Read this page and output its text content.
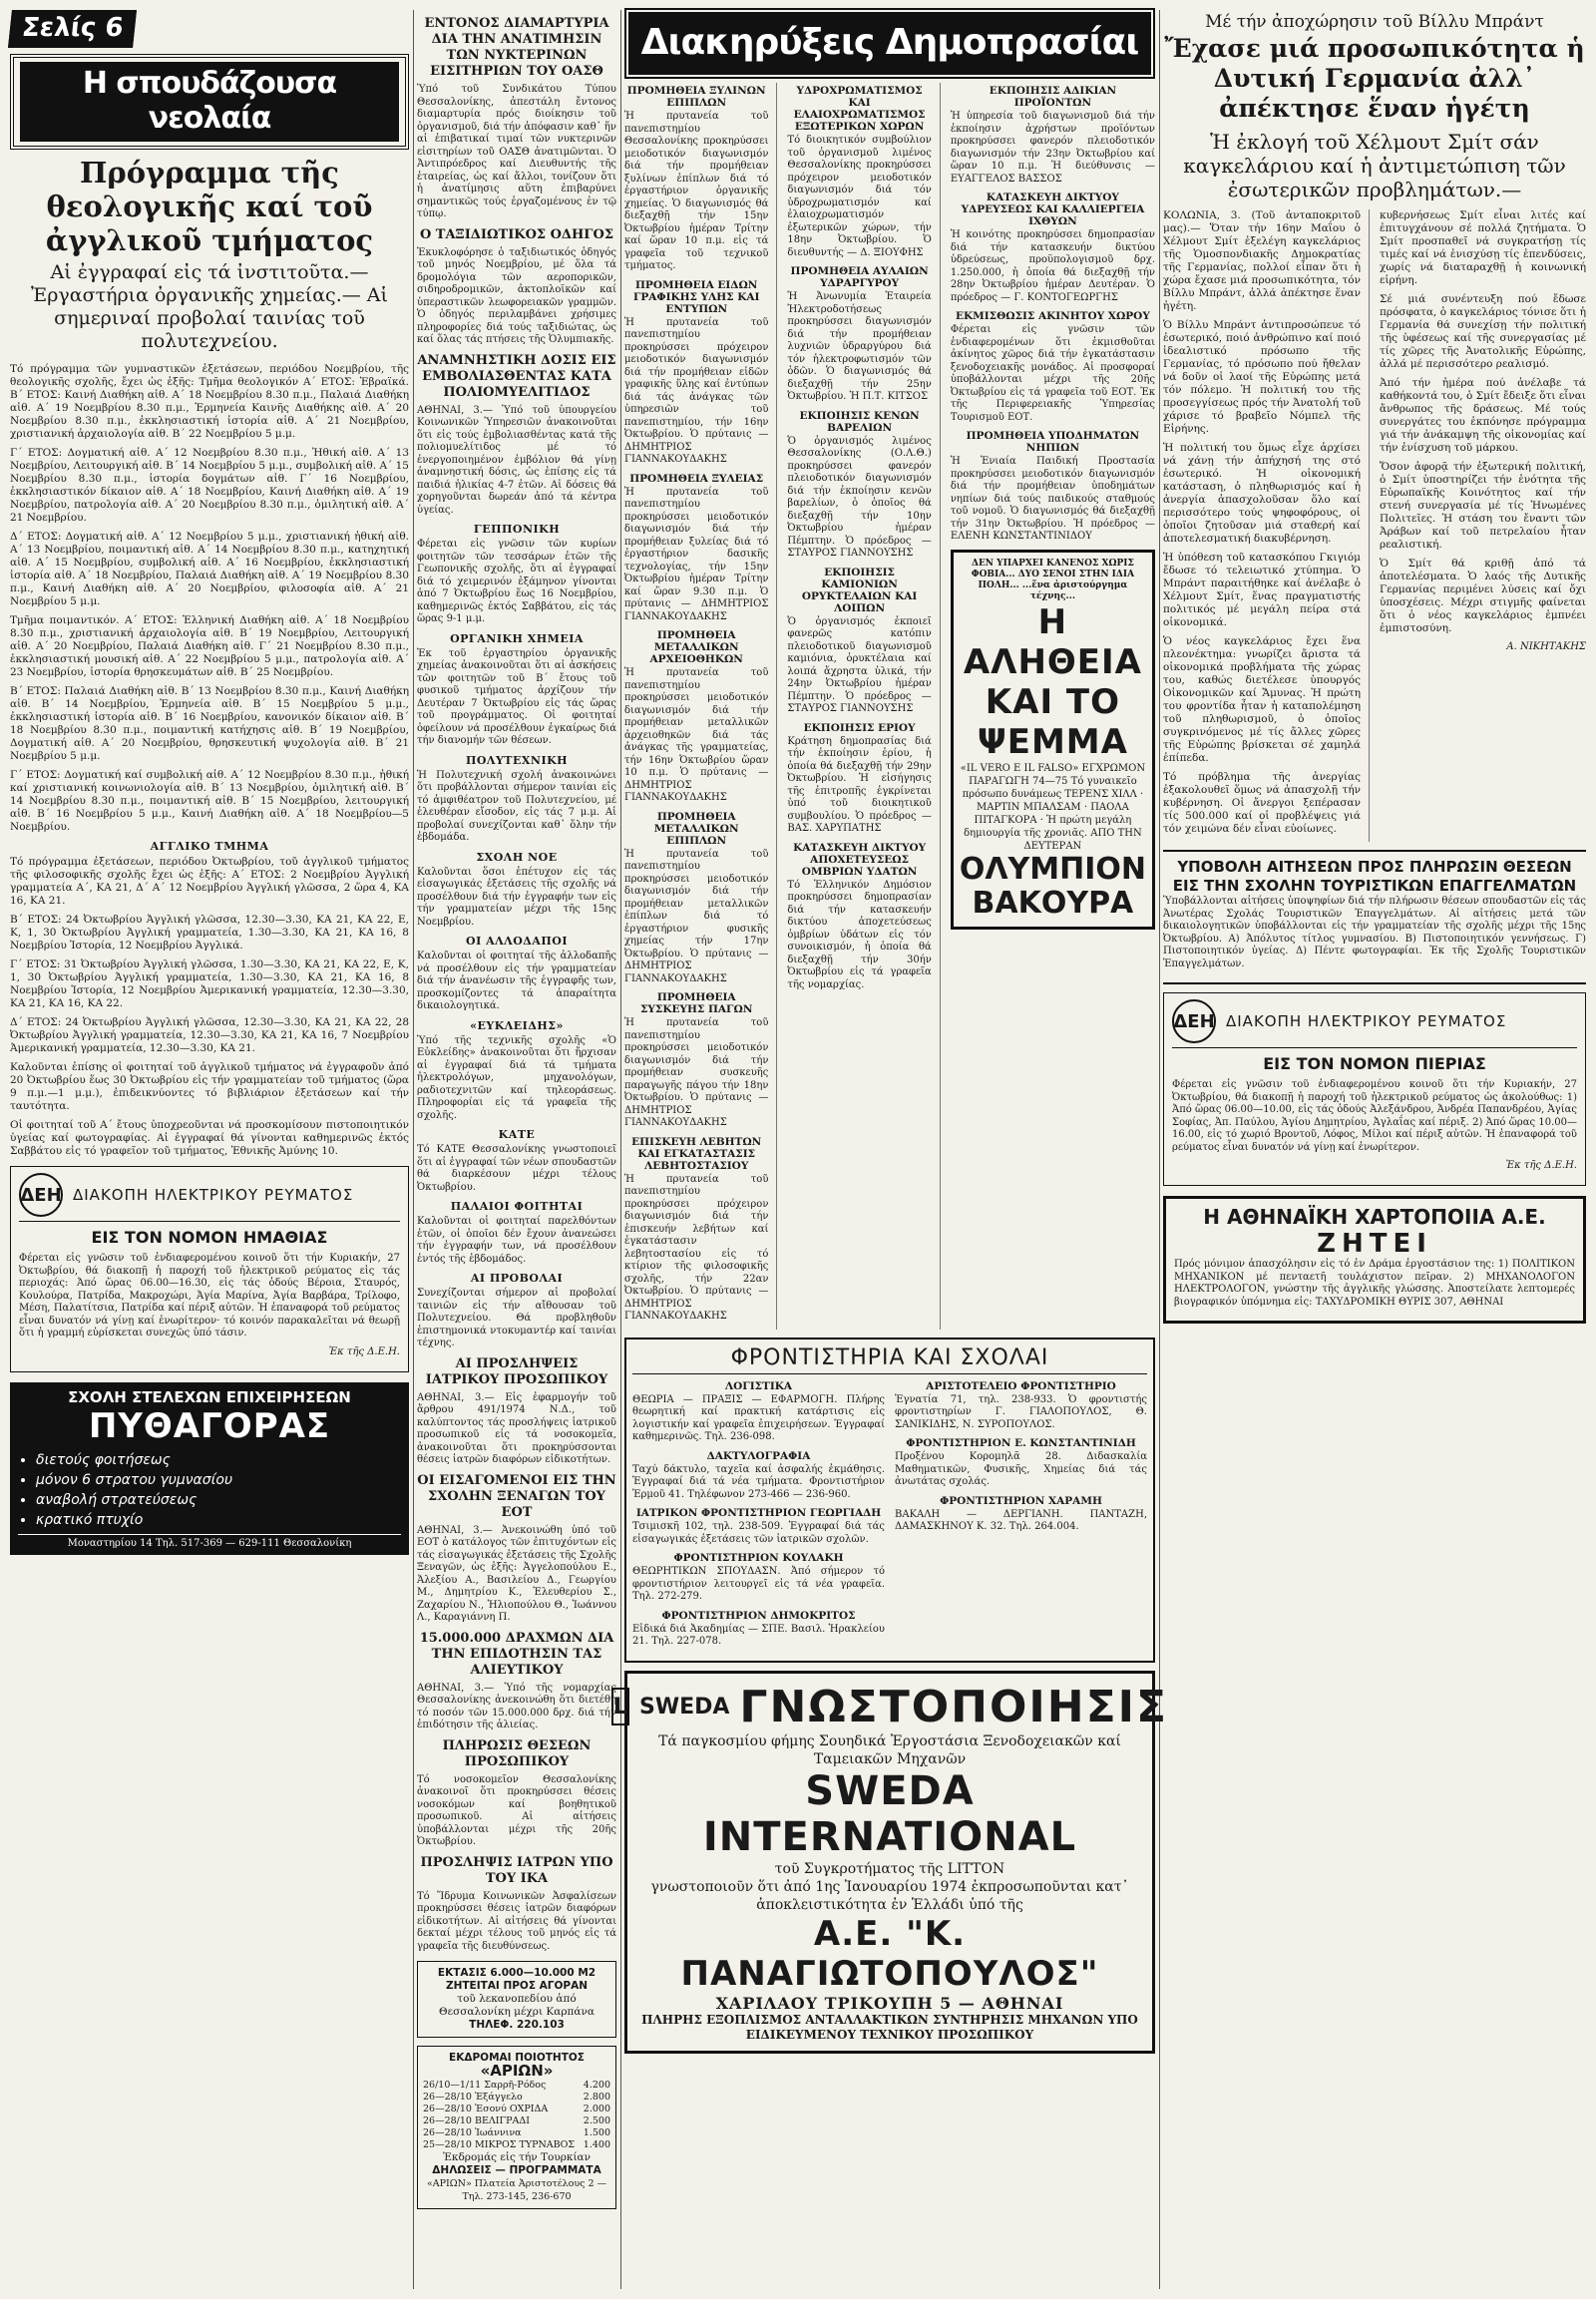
Σελίς 6
Η σπουδάζουσα νεολαία
Πρόγραμμα τῆς θεολογικῆς καί τοῦ ἀγγλικοῦ τμήματος
Αἱ ἐγγραφαί εἰς τά ἰνστιτοῦτα.— Ἐργαστήρια ὀργανικῆς χημείας.— Αἱ σημεριναί προβολαί ταινίας τοῦ πολυτεχνείου.

Τό πρόγραμμα τῶν γυμναστικῶν ἐξετάσεων, περιόδου Νοεμβρίου, τῆς θεολογικῆς σχολῆς, ἔχει ὡς ἑξῆς: Τμῆμα θεολογικόν Α΄ ΕΤΟΣ: Ἑβραϊκά. Β΄ ΕΤΟΣ: Καινή Διαθήκη αἱθ. Α΄ 18 Νοεμβρίου 8.30 π.μ., Παλαιά Διαθήκη αἱθ. Α΄ 19 Νοεμβρίου 8.30 π.μ., Ἑρμηνεία Καινῆς Διαθήκης αἱθ. Α΄ 20 Νοεμβρίου 8.30 π.μ., ἐκκλησιαστική ἱστορία αἱθ. Α΄ 21 Νοεμβρίου, χριστιανική ἀρχαιολογία αἱθ. Β΄ 22 Νοεμβρίου 5 μ.μ.

Γ΄ ΕΤΟΣ: Δογματική αἱθ. Α΄ 12 Νοεμβρίου 8.30 π.μ., Ἠθική αἱθ. Α΄ 13 Νοεμβρίου, Λειτουργική αἱθ. Β΄ 14 Νοεμβρίου 5 μ.μ., συμβολική αἱθ. Α΄ 15 Νοεμβρίου 8.30 π.μ., ἱστορία δογμάτων αἱθ. Γ΄ 16 Νοεμβρίου, ἐκκλησιαστικόν δίκαιον αἱθ. Α΄ 18 Νοεμβρίου, Καινή Διαθήκη αἱθ. Α΄ 19 Νοεμβρίου, πατρολογία αἱθ. Α΄ 20 Νοεμβρίου 8.30 π.μ., ὁμιλητική αἱθ. Α΄ 21 Νοεμβρίου.

Δ΄ ΕΤΟΣ: Δογματική αἱθ. Α΄ 12 Νοεμβρίου 5 μ.μ., χριστιανική ἠθική αἱθ. Α΄ 13 Νοεμβρίου, ποιμαντική αἱθ. Α΄ 14 Νοεμβρίου 8.30 π.μ., κατηχητική αἱθ. Α΄ 15 Νοεμβρίου, συμβολική αἱθ. Α΄ 16 Νοεμβρίου, ἐκκλησιαστική ἱστορία αἱθ. Α΄ 18 Νοεμβρίου, Παλαιά Διαθήκη αἱθ. Α΄ 19 Νοεμβρίου 8.30 π.μ., Καινή Διαθήκη αἱθ. Α΄ 20 Νοεμβρίου, φιλοσοφία αἱθ. Α΄ 21 Νοεμβρίου 5 μ.μ.

Τμῆμα ποιμαντικόν. Α΄ ΕΤΟΣ: Ἑλληνική Διαθήκη αἱθ. Α΄ 18 Νοεμβρίου 8.30 π.μ., χριστιανική ἀρχαιολογία αἱθ. Β΄ 19 Νοεμβρίου, Λειτουργική αἱθ. Α΄ 20 Νοεμβρίου, Παλαιά Διαθήκη αἱθ. Γ΄ 21 Νοεμβρίου 8.30 π.μ., ἐκκλησιαστική μουσική αἱθ. Α΄ 22 Νοεμβρίου 5 μ.μ., πατρολογία αἱθ. Α΄ 23 Νοεμβρίου, ἱστορία θρησκευμάτων αἱθ. Β΄ 25 Νοεμβρίου.

Β΄ ΕΤΟΣ: Παλαιά Διαθήκη αἱθ. Β΄ 13 Νοεμβρίου 8.30 π.μ., Καινή Διαθήκη αἱθ. Β΄ 14 Νοεμβρίου, Ἑρμηνεία αἱθ. Β΄ 15 Νοεμβρίου 5 μ.μ., ἐκκλησιαστική ἱστορία αἱθ. Β΄ 16 Νοεμβρίου, κανονικόν δίκαιον αἱθ. Β΄ 18 Νοεμβρίου 8.30 π.μ., ποιμαντική κατήχησις αἱθ. Β΄ 19 Νοεμβρίου, Δογματική αἱθ. Α΄ 20 Νοεμβρίου, θρησκευτική ψυχολογία αἱθ. Β΄ 21 Νοεμβρίου 5 μ.μ.

Γ΄ ΕΤΟΣ: Δογματική καί συμβολική αἱθ. Α΄ 12 Νοεμβρίου 8.30 π.μ., ἠθική καί χριστιανική κοινωνιολογία αἱθ. Β΄ 13 Νοεμβρίου, ὁμιλητική αἱθ. Β΄ 14 Νοεμβρίου 8.30 π.μ., ποιμαντική αἱθ. Β΄ 15 Νοεμβρίου, λειτουργική αἱθ. Β΄ 16 Νοεμβρίου 5 μ.μ., Καινή Διαθήκη αἱθ. Α΄ 18 Νοεμβρίου—5 Νοεμβρίου.

ΑΓΓΛΙΚΟ ΤΜΗΜΑ

Τό πρόγραμμα ἐξετάσεων, περιόδου Ὀκτωβρίου, τοῦ ἀγγλικοῦ τμήματος τῆς φιλοσοφικῆς σχολῆς ἔχει ὡς ἑξῆς: Α΄ ΕΤΟΣ: 2 Νοεμβρίου Ἀγγλική γραμματεία Α΄, ΚΑ 21, Δ΄ Α΄ 12 Νοεμβρίου Ἀγγλική γλῶσσα, 2 ὥρα 4, ΚΑ 16, ΚΑ 21.

Β΄ ΕΤΟΣ: 24 Ὀκτωβρίου Ἀγγλική γλῶσσα, 12.30—3.30, ΚΑ 21, ΚΑ 22, Ε, Κ, 1, 30 Ὀκτωβρίου Ἀγγλική γραμματεία, 1.30—3.30, ΚΑ 21, ΚΑ 16, 8 Νοεμβρίου Ἱστορία, 12 Νοεμβρίου Ἀγγλικά.

Γ΄ ΕΤΟΣ: 31 Ὀκτωβρίου Ἀγγλική γλῶσσα, 1.30—3.30, ΚΑ 21, ΚΑ 22, Ε, Κ, 1, 30 Ὀκτωβρίου Ἀγγλική γραμματεία, 1.30—3.30, ΚΑ 21, ΚΑ 16, 8 Νοεμβρίου Ἱστορία, 12 Νοεμβρίου Ἀμερικανική γραμματεία, 12.30—3.30, ΚΑ 21, ΚΑ 16, ΚΑ 22.

Δ΄ ΕΤΟΣ: 24 Ὀκτωβρίου Ἀγγλική γλῶσσα, 12.30—3.30, ΚΑ 21, ΚΑ 22, 28 Ὀκτωβρίου Ἀγγλική γραμματεία, 12.30—3.30, ΚΑ 21, ΚΑ 16, 7 Νοεμβρίου Ἀμερικανική γραμματεία, 12.30—3.30, ΚΑ 21.

Καλοῦνται ἐπίσης οἱ φοιτηταί τοῦ ἀγγλικοῦ τμήματος νά ἐγγραφοῦν ἀπό 20 Ὀκτωβρίου ἕως 30 Ὀκτωβρίου εἰς τήν γραμματείαν τοῦ τμήματος (ὥρα 9 π.μ.—1 μ.μ.), ἐπιδεικνύοντες τό βιβλιάριον ἐξετάσεων καί τήν ταυτότητα.

Οἱ φοιτηταί τοῦ Α΄ ἔτους ὑποχρεοῦνται νά προσκομίσουν πιστοποιητικόν ὑγείας καί φωτογραφίας. Αἱ ἐγγραφαί θά γίνονται καθημερινῶς ἐκτός Σαββάτου εἰς τό γραφεῖον τοῦ τμήματος, Ἐθνικῆς Ἀμύνης 10.

ΔΕΗ ΔΙΑΚΟΠΗ ΗΛΕΚΤΡΙΚΟΥ ΡΕΥΜΑΤΟΣ
ΕΙΣ ΤΟΝ ΝΟΜΟΝ ΗΜΑΘΙΑΣ

Φέρεται εἰς γνῶσιν τοῦ ἐνδιαφερομένου κοινοῦ ὅτι τήν Κυριακήν, 27 Ὀκτωβρίου, θά διακοπῇ ἡ παροχή τοῦ ἠλεκτρικοῦ ρεύματος εἰς τάς περιοχάς: Ἀπό ὥρας 06.00—16.30, εἰς τάς ὁδούς Βέροια, Σταυρός, Κουλούρα, Πατρίδα, Μακροχώρι, Ἀγία Μαρίνα, Ἀγία Βαρβάρα, Τρίλοφο, Μέση, Παλατίτσια, Πατρίδα καί πέριξ αὐτῶν. Ἡ ἐπαναφορά τοῦ ρεύματος εἶναι δυνατόν νά γίνῃ καί ἐνωρίτερον· τό κοινόν παρακαλεῖται νά θεωρῇ ὅτι ἡ γραμμή εὑρίσκεται συνεχῶς ὑπό τάσιν.

Ἐκ τῆς Δ.Ε.Η.
ΣΧΟΛΗ ΣΤΕΛΕΧΩΝ ΕΠΙΧΕΙΡΗΣΕΩΝ
ΠΥΘΑΓΟΡΑΣ
• διετούς φοιτήσεως
• μόνον 6 στρατου γυμνασίου
• αναβολή στρατεύσεως
• κρατικό πτυχίο
Μοναστηρίου 14 Τηλ. 517-369 — 629-111 Θεσσαλονίκη
ΕΝΤΟΝΟΣ ΔΙΑΜΑΡΤΥΡΙΑ ΔΙΑ ΤΗΝ ΑΝΑΤΙΜΗΣΙΝ ΤΩΝ ΝΥΚΤΕΡΙΝΩΝ ΕΙΣΙΤΗΡΙΩΝ ΤΟΥ ΟΑΣΘ

Ὑπό τοῦ Συνδικάτου Τύπου Θεσσαλονίκης, ἀπεστάλη ἔντονος διαμαρτυρία πρός διοίκησιν τοῦ ὀργανισμοῦ, διά τήν ἀπόφασιν καθ᾿ ἥν αἱ ἐπιβατικαί τιμαί τῶν νυκτερινῶν εἰσιτηρίων τοῦ ΟΑΣΘ ἀνατιμῶνται. Ὁ Ἀντιπρόεδρος καί Διευθυντής τῆς ἑταιρείας, ὡς καί ἄλλοι, τονίζουν ὅτι ἡ ἀνατίμησις αὕτη ἐπιβαρύνει σημαντικῶς τούς ἐργαζομένους ἐν τῷ τύπῳ.

Ο ΤΑΞΙΔΙΩΤΙΚΟΣ ΟΔΗΓΟΣ

Ἐκυκλοφόρησε ὁ ταξιδιωτικός ὁδηγός τοῦ μηνός Νοεμβρίου, μέ ὅλα τά δρομολόγια τῶν αεροπορικῶν, σιδηροδρομικῶν, ἀκτοπλοϊκῶν καί ὑπεραστικῶν λεωφορειακῶν γραμμῶν. Ὁ ὁδηγός περιλαμβάνει χρήσιμες πληροφορίες διά τούς ταξιδιώτας, ὡς καί ὅλας τάς πτήσεις τῆς Ὀλυμπιακῆς.

ΑΝΑΜΝΗΣΤΙΚΗ ΔΟΣΙΣ ΕΙΣ ΕΜΒΟΛΙΑΣΘΕΝΤΑΣ ΚΑΤΑ ΠΟΛΙΟΜΥΕΛΙΤΙΔΟΣ

ΑΘΗΝΑΙ, 3.— Ὑπό τοῦ ὑπουργείου Κοινωνικῶν Ὑπηρεσιῶν ἀνακοινοῦται ὅτι εἰς τούς ἐμβολιασθέντας κατά τῆς πολιομυελίτιδος μέ τό ἐνεργοποιημένον ἐμβόλιον θά γίνῃ ἀναμνηστική δόσις, ὡς ἐπίσης εἰς τά παιδιά ἡλικίας 4-7 ἐτῶν. Αἱ δόσεις θά χορηγοῦνται δωρεάν ἀπό τά κέντρα ὑγείας.

ΓΕΠΠΟΝΙΚΗ

Φέρεται εἰς γνῶσιν τῶν κυρίων φοιτητῶν τῶν τεσσάρων ἐτῶν τῆς Γεωπονικῆς σχολῆς, ὅτι αἱ ἐγγραφαί διά τό χειμερινόν ἑξάμηνον γίνονται ἀπό 7 Ὀκτωβρίου ἕως 16 Νοεμβρίου, καθημερινῶς ἐκτός Σαββάτου, εἰς τάς ὥρας 9-1 μ.μ.

ΟΡΓΑΝΙΚΗ ΧΗΜΕΙΑ

Ἐκ τοῦ ἐργαστηρίου ὀργανικῆς χημείας ἀνακοινοῦται ὅτι αἱ ἀσκήσεις τῶν φοιτητῶν τοῦ Β΄ ἔτους τοῦ φυσικοῦ τμήματος ἀρχίζουν τήν Δευτέραν 7 Ὀκτωβρίου εἰς τάς ὥρας τοῦ προγράμματος. Οἱ φοιτηταί ὀφείλουν νά προσέλθουν ἐγκαίρως διά τήν διανομήν τῶν θέσεων.

ΠΟΛΥΤΕΧΝΙΚΗ

Ἡ Πολυτεχνική σχολή ἀνακοινώνει ὅτι προβάλλονται σήμερον ταινίαι εἰς τό ἀμφιθέατρον τοῦ Πολυτεχνείου, μέ ἐλευθέραν εἴσοδον, εἰς τάς 7 μ.μ. Αἱ προβολαί συνεχίζονται καθ᾿ ὅλην τήν ἑβδομάδα.

ΣΧΟΛΗ ΝΟΕ

Καλοῦνται ὅσοι ἐπέτυχον εἰς τάς εἰσαγωγικάς ἐξετάσεις τῆς σχολῆς νά προσέλθουν διά τήν ἐγγραφήν των εἰς τήν γραμματείαν μέχρι τῆς 15ης Νοεμβρίου.

ΟΙ ΑΛΛΟΔΑΠΟΙ

Καλοῦνται οἱ φοιτηταί τῆς ἀλλοδαπῆς νά προσέλθουν εἰς τήν γραμματείαν διά τήν ἀνανέωσιν τῆς ἐγγραφῆς των, προσκομίζοντες τά ἀπαραίτητα δικαιολογητικά.

«ΕΥΚΛΕΙΔΗΣ»

Ὑπό τῆς τεχνικῆς σχολῆς «Ὁ Εὐκλείδης» ἀνακοινοῦται ὅτι ἤρχισαν αἱ ἐγγραφαί διά τά τμήματα ἠλεκτρολόγων, μηχανολόγων, ραδιοτεχνιτῶν καί τηλεοράσεως. Πληροφορίαι εἰς τά γραφεῖα τῆς σχολῆς.

ΚΑΤΕ

Τό ΚΑΤΕ Θεσσαλονίκης γνωστοποιεῖ ὅτι αἱ ἐγγραφαί τῶν νέων σπουδαστῶν θά διαρκέσουν μέχρι τέλους Ὀκτωβρίου.

ΠΑΛΑΙΟΙ ΦΟΙΤΗΤΑΙ

Καλοῦνται οἱ φοιτηταί παρελθόντων ἐτῶν, οἱ ὁποῖοι δέν ἔχουν ἀνανεώσει τήν ἐγγραφήν των, νά προσέλθουν ἐντός τῆς ἑβδομάδος.

ΑΙ ΠΡΟΒΟΛΑΙ

Συνεχίζονται σήμερον αἱ προβολαί ταινιῶν εἰς τήν αἴθουσαν τοῦ Πολυτεχνείου. Θά προβληθοῦν ἐπιστημονικά ντοκυμαντέρ καί ταινίαι τέχνης.

ΑΙ ΠΡΟΣΛΗΨΕΙΣ ΙΑΤΡΙΚΟΥ ΠΡΟΣΩΠΙΚΟΥ

ΑΘΗΝΑΙ, 3.— Εἰς ἐφαρμογήν τοῦ ἄρθρου 491/1974 Ν.Δ., τοῦ καλύπτοντος τάς προσλήψεις ἰατρικοῦ προσωπικοῦ εἰς τά νοσοκομεῖα, ἀνακοινοῦται ὅτι προκηρύσσονται θέσεις ἰατρῶν διαφόρων εἰδικοτήτων.

ΟΙ ΕΙΣΑΓΟΜΕΝΟΙ ΕΙΣ ΤΗΝ ΣΧΟΛΗΝ ΞΕΝΑΓΩΝ ΤΟΥ ΕΟΤ

ΑΘΗΝΑΙ, 3.— Ἀνεκοινώθη ὑπό τοῦ ΕΟΤ ὁ κατάλογος τῶν ἐπιτυχόντων εἰς τάς εἰσαγωγικάς ἐξετάσεις τῆς Σχολῆς Ξεναγῶν, ὡς ἑξῆς: Ἀγγελοπούλου Ε., Ἀλεξίου Α., Βασιλείου Δ., Γεωργίου Μ., Δημητρίου Κ., Ἐλευθερίου Σ., Ζαχαρίου Ν., Ἠλιοπούλου Θ., Ἰωάννου Λ., Καραγιάννη Π.

15.000.000 ΔΡΑΧΜΩΝ ΔΙΑ ΤΗΝ ΕΠΙΔΟΤΗΣΙΝ ΤΑΣ ΑΛΙΕΥΤΙΚΟΥ

ΑΘΗΝΑΙ, 3.— Ὑπό τῆς νομαρχίας Θεσσαλονίκης ἀνεκοινώθη ὅτι διετέθη τό ποσόν τῶν 15.000.000 δρχ. διά τήν ἐπιδότησιν τῆς ἁλιείας.

ΠΛΗΡΩΣΙΣ ΘΕΣΕΩΝ ΠΡΟΣΩΠΙΚΟΥ

Τό νοσοκομεῖον Θεσσαλονίκης ἀνακοινοῖ ὅτι προκηρύσσει θέσεις νοσοκόμων καί βοηθητικοῦ προσωπικοῦ. Αἱ αἰτήσεις ὑποβάλλονται μέχρι τῆς 20ῆς Ὀκτωβρίου.

ΠΡΟΣΛΗΨΙΣ ΙΑΤΡΩΝ ΥΠΟ ΤΟΥ ΙΚΑ

Τό Ἵδρυμα Κοινωνικῶν Ἀσφαλίσεων προκηρύσσει θέσεις ἰατρῶν διαφόρων εἰδικοτήτων. Αἱ αἰτήσεις θά γίνονται δεκταί μέχρι τέλους τοῦ μηνός εἰς τά γραφεῖα τῆς διευθύνσεως.

ΕΚΤΑΣΙΣ 6.000—10.000 Μ2
ΖΗΤΕΙΤΑΙ ΠΡΟΣ ΑΓΟΡΑΝ
τοῦ λεκανοπεδίου ἀπό Θεσσαλονίκη μέχρι Καρπάνα
ΤΗΛΕΦ. 220.103
ΕΚΔΡΟΜΑΙ ΠΟΙΟΤΗΤΟΣ
«ΑΡΙΩΝ»
26/10—1/11 Σαρρῆ-Ρόδος	4.200
26—28/10 Ἐξάγγελο	2.800
26—28/10 Ἐσονύ ΟΧΡΙΔΑ	2.000
26—28/10 ΒΕΛΙΓΡΑΔΙ	2.500
26—28/10 Ἰωάννινα	1.500
25—28/10 ΜΙΚΡΟΣ ΤΥΡΝΑΒΟΣ 1.400
Ἐκδρομάς εἰς τήν Τουρκίαν
ΔΗΛΩΣΕΙΣ — ΠΡΟΓΡΑΜΜΑΤΑ
«ΑΡΙΩΝ» Πλατεία Ἀριστοτέλους 2 — Τηλ. 273-145, 236-670
Διακηρύξεις Δημοπρασίαι
ΠΡΟΜΗΘΕΙΑ ΞΥΛΙΝΩΝ ΕΠΙΠΛΩΝ

Ἡ πρυτανεία τοῦ πανεπιστημίου Θεσσαλονίκης προκηρύσσει μειοδοτικόν διαγωνισμόν διά τήν προμήθειαν ξυλίνων ἐπίπλων διά τό ἐργαστήριον ὀργανικῆς χημείας. Ὁ διαγωνισμός θά διεξαχθῇ τήν 15ην Ὀκτωβρίου ἡμέραν Τρίτην καί ὥραν 10 π.μ. εἰς τά γραφεῖα τοῦ τεχνικοῦ τμήματος.

ΠΡΟΜΗΘΕΙΑ ΕΙΔΩΝ ΓΡΑΦΙΚΗΣ ΥΛΗΣ ΚΑΙ ΕΝΤΥΠΩΝ

Ἡ πρυτανεία τοῦ πανεπιστημίου προκηρύσσει πρόχειρον μειοδοτικόν διαγωνισμόν διά τήν προμήθειαν εἰδῶν γραφικῆς ὕλης καί ἐντύπων διά τάς ἀνάγκας τῶν ὑπηρεσιῶν τοῦ πανεπιστημίου, τήν 16ην Ὀκτωβρίου. Ὁ πρύτανις — ΔΗΜΗΤΡΙΟΣ ΓΙΑΝΝΑΚΟΥΔΑΚΗΣ

ΠΡΟΜΗΘΕΙΑ ΞΥΛΕΙΑΣ

Ἡ πρυτανεία τοῦ πανεπιστημίου προκηρύσσει μειοδοτικόν διαγωνισμόν διά τήν προμήθειαν ξυλείας διά τό ἐργαστήριον δασικῆς τεχνολογίας, τήν 15ην Ὀκτωβρίου ἡμέραν Τρίτην καί ὥραν 9.30 π.μ. Ὁ πρύτανις — ΔΗΜΗΤΡΙΟΣ ΓΙΑΝΝΑΚΟΥΔΑΚΗΣ

ΠΡΟΜΗΘΕΙΑ ΜΕΤΑΛΛΙΚΩΝ ΑΡΧΕΙΟΘΗΚΩΝ

Ἡ πρυτανεία τοῦ πανεπιστημίου προκηρύσσει μειοδοτικόν διαγωνισμόν διά τήν προμήθειαν μεταλλικῶν ἀρχειοθηκῶν διά τάς ἀνάγκας τῆς γραμματείας, τήν 16ην Ὀκτωβρίου ὥραν 10 π.μ. Ὁ πρύτανις — ΔΗΜΗΤΡΙΟΣ ΓΙΑΝΝΑΚΟΥΔΑΚΗΣ

ΠΡΟΜΗΘΕΙΑ ΜΕΤΑΛΛΙΚΩΝ ΕΠΙΠΛΩΝ

Ἡ πρυτανεία τοῦ πανεπιστημίου προκηρύσσει μειοδοτικόν διαγωνισμόν διά τήν προμήθειαν μεταλλικῶν ἐπίπλων διά τό ἐργαστήριον φυσικῆς χημείας τήν 17ην Ὀκτωβρίου. Ὁ πρύτανις — ΔΗΜΗΤΡΙΟΣ ΓΙΑΝΝΑΚΟΥΔΑΚΗΣ

ΠΡΟΜΗΘΕΙΑ ΣΥΣΚΕΥΗΣ ΠΑΓΩΝ

Ἡ πρυτανεία τοῦ πανεπιστημίου προκηρύσσει μειοδοτικόν διαγωνισμόν διά τήν προμήθειαν συσκευῆς παραγωγῆς πάγου τήν 18ην Ὀκτωβρίου. Ὁ πρύτανις — ΔΗΜΗΤΡΙΟΣ ΓΙΑΝΝΑΚΟΥΔΑΚΗΣ

ΕΠΙΣΚΕΥΗ ΛΕΒΗΤΩΝ ΚΑΙ ΕΓΚΑΤΑΣΤΑΣΙΣ ΛΕΒΗΤΟΣΤΑΣΙΟΥ

Ἡ πρυτανεία τοῦ πανεπιστημίου προκηρύσσει πρόχειρον διαγωνισμόν διά τήν ἐπισκευήν λεβήτων καί ἐγκατάστασιν λεβητοστασίου εἰς τό κτίριον τῆς φιλοσοφικῆς σχολῆς, τήν 22αν Ὀκτωβρίου. Ὁ πρύτανις — ΔΗΜΗΤΡΙΟΣ ΓΙΑΝΝΑΚΟΥΔΑΚΗΣ

ΥΔΡΟΧΡΩΜΑΤΙΣΜΟΣ ΚΑΙ ΕΛΑΙΟΧΡΩΜΑΤΙΣΜΟΣ ΕΞΩΤΕΡΙΚΩΝ ΧΩΡΩΝ

Τό διοικητικόν συμβούλιον τοῦ ὀργανισμοῦ λιμένος Θεσσαλονίκης προκηρύσσει πρόχειρον μειοδοτικόν διαγωνισμόν διά τόν ὑδροχρωματισμόν καί ἐλαιοχρωματισμόν ἐξωτερικῶν χώρων, τήν 18ην Ὀκτωβρίου. Ὁ διευθυντής — Δ. ΞΙΟΥΦΗΣ

ΠΡΟΜΗΘΕΙΑ ΑΥΛΑΙΩΝ ΥΔΡΑΡΓΥΡΟΥ

Ἡ Ἀνωνυμία Ἑταιρεία Ἠλεκτροδοτήσεως προκηρύσσει διαγωνισμόν διά τήν προμήθειαν λυχνιῶν ὑδραργύρου διά τόν ἡλεκτροφωτισμόν τῶν ὁδῶν. Ὁ διαγωνισμός θά διεξαχθῇ τήν 25ην Ὀκτωβρίου. Ἡ Π.Τ. ΚΙΤΣΟΣ

ΕΚΠΟΙΗΣΙΣ ΚΕΝΩΝ ΒΑΡΕΛΙΩΝ

Ὁ ὀργανισμός λιμένος Θεσσαλονίκης (Ο.Λ.Θ.) προκηρύσσει φανερόν πλειοδοτικόν διαγωνισμόν διά τήν ἐκποίησιν κενῶν βαρελίων, ὁ ὁποῖος θά διεξαχθῇ τήν 10ην Ὀκτωβρίου ἡμέραν Πέμπτην. Ὁ πρόεδρος — ΣΤΑΥΡΟΣ ΓΙΑΝΝΟΥΣΗΣ

ΕΚΠΟΙΗΣΙΣ ΚΑΜΙΟΝΙΩΝ ΟΡΥΚΤΕΛΑΙΩΝ ΚΑΙ ΛΟΙΠΩΝ

Ὁ ὀργανισμός ἐκποιεῖ φανερῶς κατόπιν πλειοδοτικοῦ διαγωνισμοῦ καμιόνια, ὀρυκτέλαια καί λοιπά ἄχρηστα ὑλικά, τήν 24ην Ὀκτωβρίου ἡμέραν Πέμπτην. Ὁ πρόεδρος — ΣΤΑΥΡΟΣ ΓΙΑΝΝΟΥΣΗΣ

ΕΚΠΟΙΗΣΙΣ ΕΡΙΟΥ

Κράτηση δημοπρασίας διά τήν ἐκποίησιν ἐρίου, ἡ ὁποία θά διεξαχθῇ τήν 29ην Ὀκτωβρίου. Ἡ εἰσήγησις τῆς ἐπιτροπῆς ἐγκρίνεται ὑπό τοῦ διοικητικοῦ συμβουλίου. Ὁ πρόεδρος — ΒΑΣ. ΧΑΡΥΠΑΤΗΣ

ΚΑΤΑΣΚΕΥΗ ΔΙΚΤΥΟΥ ΑΠΟΧΕΤΕΥΣΕΩΣ ΟΜΒΡΙΩΝ ΥΔΑΤΩΝ

Τό Ἑλληνικόν Δημόσιον προκηρύσσει δημοπρασίαν διά τήν κατασκευήν δικτύου ἀποχετεύσεως ὀμβρίων ὑδάτων εἰς τόν συνοικισμόν, ἡ ὁποία θά διεξαχθῇ τήν 30ήν Ὀκτωβρίου εἰς τά γραφεῖα τῆς νομαρχίας.

ΕΚΠΟΙΗΣΙΣ ΑΔΙΚΙΑΝ ΠΡΟΪΟΝΤΩΝ

Ἡ ὑπηρεσία τοῦ διαγωνισμοῦ διά τήν ἐκποίησιν ἀχρήστων προϊόντων προκηρύσσει φανερόν πλειοδοτικόν διαγωνισμόν τήν 23ην Ὀκτωβρίου καί ὥραν 10 π.μ. Ἡ διεύθυνσις — ΕΥΑΓΓΕΛΟΣ ΒΑΣΣΟΣ

ΚΑΤΑΣΚΕΥΗ ΔΙΚΤΥΟΥ ΥΔΡΕΥΣΕΩΣ ΚΑΙ ΚΑΛΛΙΕΡΓΕΙΑ ΙΧΘΥΩΝ

Ἡ κοινότης προκηρύσσει δημοπρασίαν διά τήν κατασκευήν δικτύου ὑδρεύσεως, προϋπολογισμοῦ δρχ. 1.250.000, ἡ ὁποία θά διεξαχθῇ τήν 28ην Ὀκτωβρίου ἡμέραν Δευτέραν. Ὁ πρόεδρος — Γ. ΚΟΝΤΟΓΕΩΡΓΗΣ

ΕΚΜΙΣΘΩΣΙΣ ΑΚΙΝΗΤΟΥ ΧΩΡΟΥ

Φέρεται εἰς γνῶσιν τῶν ἐνδιαφερομένων ὅτι ἐκμισθοῦται ἀκίνητος χῶρος διά τήν ἐγκατάστασιν ξενοδοχειακῆς μονάδος. Αἱ προσφοραί ὑποβάλλονται μέχρι τῆς 20ῆς Ὀκτωβρίου εἰς τά γραφεῖα τοῦ ΕΟΤ. Ἐκ τῆς Περιφερειακῆς Ὑπηρεσίας Τουρισμοῦ ΕΟΤ.

ΠΡΟΜΗΘΕΙΑ ΥΠΟΔΗΜΑΤΩΝ ΝΗΠΙΩΝ

Ἡ Ἑνιαία Παιδική Προστασία προκηρύσσει μειοδοτικόν διαγωνισμόν διά τήν προμήθειαν ὑποδημάτων νηπίων διά τούς παιδικούς σταθμούς τοῦ νομοῦ. Ὁ διαγωνισμός θά διεξαχθῇ τήν 31ην Ὀκτωβρίου. Ἡ πρόεδρος — ΕΛΕΝΗ ΚΩΝΣΤΑΝΤΙΝΙΔΟΥ

ΔΕΝ ΥΠΑΡΧΕΙ ΚΑΝΕΝΟΣ ΧΩΡΙΣ ΦΟΒΙΑ... ΔΥΟ ΣΕΝΟΙ ΣΤΗΝ ΙΔΙΑ ΠΟΛΗ... ...ἕνα ἀριστούργημα τέχνης...
Η ΑΛΗΘΕΙΑ ΚΑΙ ΤΟ ΨΕΜΜΑ
«IL VERO E IL FALSO» ΕΓΧΡΩΜΟΝ ΠΑΡΑΓΩΓΗ 74—75 Τό γυναικεῖο πρόσωπο δυνάμεως ΤΕΡΕΝΣ ΧΙΛΛ · ΜΑΡΤΙΝ ΜΠΑΛΣΑΜ · ΠΑΟΛΑ ΠΙΤΑΓΚΟΡΑ · Ἡ πρώτη μεγάλη δημιουργία τῆς χρονιᾶς. ΑΠΟ ΤΗΝ ΔΕΥΤΕΡΑΝ
ΟΛΥΜΠΙΟΝ ΒΑΚΟΥΡΑ
ΦΡΟΝΤΙΣΤΗΡΙΑ ΚΑΙ ΣΧΟΛΑΙ
ΛΟΓΙΣΤΙΚΑ

ΘΕΩΡΙΑ — ΠΡΑΞΙΣ — ΕΦΑΡΜΟΓΗ. Πλήρης θεωρητική καί πρακτική κατάρτισις εἰς λογιστικήν καί γραφεῖα ἐπιχειρήσεων. Ἐγγραφαί καθημερινῶς. Τηλ. 236-098.

ΔΑΚΤΥΛΟΓΡΑΦΙΑ

Ταχύ δάκτυλο, ταχεῖα καί ἀσφαλής ἐκμάθησις. Ἐγγραφαί διά τά νέα τμήματα. Φροντιστήριον Ἐρμοῦ 41. Τηλέφωνον 273-466 — 236-960.

ΙΑΤΡΙΚΟΝ ΦΡΟΝΤΙΣΤΗΡΙΟΝ ΓΕΩΡΓΙΑΔΗ

Τσιμισκῆ 102, τηλ. 238-509. Ἐγγραφαί διά τάς εἰσαγωγικάς ἐξετάσεις τῶν ἰατρικῶν σχολῶν.

ΦΡΟΝΤΙΣΤΗΡΙΟΝ ΚΟΥΛΑΚΗ

ΘΕΩΡΗΤΙΚΩΝ ΣΠΟΥΔΑΣΝ. Ἀπό σήμερον τό φροντιστήριον λειτουργεῖ εἰς τά νέα γραφεῖα. Τηλ. 272-279.

ΦΡΟΝΤΙΣΤΗΡΙΟΝ ΔΗΜΟΚΡΙΤΟΣ

Εἰδικά διά Ἀκαδημίας — ΣΠΕ. Βασιλ. Ἡρακλείου 21. Τηλ. 227-078.

ΑΡΙΣΤΟΤΕΛΕΙΟ ΦΡΟΝΤΙΣΤΗΡΙΟ

Ἐγνατία 71, τηλ. 238-933. Ὁ φροντιστής φροντιστηρίων Γ. ΓΙΑΛΟΠΟΥΛΟΣ, Θ. ΣΑΝΙΚΙΔΗΣ, Ν. ΣΥΡΟΠΟΥΛΟΣ.

ΦΡΟΝΤΙΣΤΗΡΙΟΝ Ε. ΚΩΝΣΤΑΝΤΙΝΙΔΗ

Προξένου Κορομηλᾶ 28. Διδασκαλία Μαθηματικῶν, Φυσικῆς, Χημείας διά τάς ἀνωτάτας σχολάς.

ΦΡΟΝΤΙΣΤΗΡΙΟΝ ΧΑΡΑΜΗ

ΒΑΚΑΛΗ — ΔΕΡΓΙΑΝΗ. ΠΑΝΤΑΖΗ, ΔΑΜΑΣΚΗΝΟΥ Κ. 32. Τηλ. 264.004.

L SWEDA ΓΝΩΣΤΟΠΟΙΗΣΙΣ
Τά παγκοσμίου φήμης Σουηδικά Ἐργοστάσια Ξενοδοχειακῶν καί Ταμειακῶν Μηχανῶν
SWEDA INTERNATIONAL
τοῦ Συγκροτήματος τῆς LITTON
γνωστοποιοῦν ὅτι ἀπό 1ης Ἰανουαρίου 1974 ἐκπροσωποῦνται κατ᾿ ἀποκλειστικότητα ἐν Ἑλλάδι ὑπό τῆς
Α.Ε. "Κ. ΠΑΝΑΓΙΩΤΟΠΟΥΛΟΣ"
ΧΑΡΙΛΑΟΥ ΤΡΙΚΟΥΠΗ 5 — ΑΘΗΝΑΙ
ΠΛΗΡΗΣ ΕΞΟΠΛΙΣΜΟΣ ΑΝΤΑΛΛΑΚΤΙΚΩΝ ΣΥΝΤΗΡΗΣΙΣ ΜΗΧΑΝΩΝ ΥΠΟ ΕΙΔΙΚΕΥΜΕΝΟΥ ΤΕΧΝΙΚΟΥ ΠΡΟΣΩΠΙΚΟΥ
Μέ τήν ἀποχώρησιν τοῦ Βίλλυ Μπράντ
Ἔχασε μιά προσωπικότητα ἡ Δυτική Γερμανία ἀλλ᾿ ἀπέκτησε ἕναν ἡγέτη
Ἡ ἐκλογή τοῦ Χέλμουτ Σμίτ σάν καγκελάριου καί ἡ ἀντιμετώπιση τῶν ἐσωτερικῶν προβλημάτων.—

ΚΟΛΩΝΙΑ, 3. (Τοῦ ἀνταποκριτοῦ μας).— Ὅταν τήν 16ην Μαΐου ὁ Χέλμουτ Σμίτ ἐξελέγη καγκελάριος τῆς Ὁμοσπονδιακῆς Δημοκρατίας τῆς Γερμανίας, πολλοί εἶπαν ὅτι ἡ χώρα ἔχασε μιά προσωπικότητα, τόν Βίλλυ Μπράντ, ἀλλά ἀπέκτησε ἕναν ἡγέτη.

Ὁ Βίλλυ Μπράντ ἀντιπροσώπευε τό ἐσωτερικό, ποιό ἀνθρώπινο καί ποιό ἰδεαλιστικό πρόσωπο τῆς Γερμανίας, τό πρόσωπο πού ἤθελαν νά δοῦν οἱ λαοί τῆς Εὐρώπης μετά τόν πόλεμο. Ἡ πολιτική του τῆς προσεγγίσεως πρός τήν Ἀνατολή τοῦ χάρισε τό βραβεῖο Νόμπελ τῆς Εἰρήνης.

Ἡ πολιτική του ὅμως εἶχε ἀρχίσει νά χάνῃ τήν ἀπήχησή της στό ἐσωτερικό. Ἡ οἰκονομική κατάσταση, ὁ πληθωρισμός καί ἡ ἀνεργία ἀπασχολοῦσαν ὅλο καί περισσότερο τούς ψηφοφόρους, οἱ ὁποῖοι ζητοῦσαν μιά σταθερή καί ἀποτελεσματική διακυβέρνηση.

Ἡ ὑπόθεση τοῦ κατασκόπου Γκιγιόμ ἔδωσε τό τελειωτικό χτύπημα. Ὁ Μπράντ παραιτήθηκε καί ἀνέλαβε ὁ Χέλμουτ Σμίτ, ἕνας πραγματιστής πολιτικός μέ μεγάλη πείρα στά οἰκονομικά.

Ὁ νέος καγκελάριος ἔχει ἕνα πλεονέκτημα: γνωρίζει ἄριστα τά οἰκονομικά προβλήματα τῆς χώρας του, καθώς διετέλεσε ὑπουργός Οἰκονομικῶν καί Ἄμυνας. Ἡ πρώτη του φροντίδα ἦταν ἡ καταπολέμηση τοῦ πληθωρισμοῦ, ὁ ὁποῖος συγκρινόμενος μέ τίς ἄλλες χῶρες τῆς Εὐρώπης βρίσκεται σέ χαμηλά ἐπίπεδα.

Τό πρόβλημα τῆς ἀνεργίας ἐξακολουθεῖ ὅμως νά ἀπασχολῇ τήν κυβέρνηση. Οἱ ἄνεργοι ξεπέρασαν τίς 500.000 καί οἱ προβλέψεις γιά τόν χειμώνα δέν εἶναι εὐοίωνες.

κυβερνήσεως Σμίτ εἶναι λιτές καί ἐπιτυγχάνουν σέ πολλά ζητήματα. Ὁ Σμίτ προσπαθεῖ νά συγκρατήσῃ τίς τιμές καί νά ἐνισχύσῃ τίς ἐπενδύσεις, χωρίς νά διαταραχθῇ ἡ κοινωνική εἰρήνη.

Σέ μιά συνέντευξη πού ἔδωσε πρόσφατα, ὁ καγκελάριος τόνισε ὅτι ἡ Γερμανία θά συνεχίσῃ τήν πολιτική τῆς ὑφέσεως καί τῆς συνεργασίας μέ τίς χῶρες τῆς Ἀνατολικῆς Εὐρώπης, ἀλλά μέ περισσότερο ρεαλισμό.

Ἀπό τήν ἡμέρα πού ἀνέλαβε τά καθήκοντά του, ὁ Σμίτ ἔδειξε ὅτι εἶναι ἄνθρωπος τῆς δράσεως. Μέ τούς συνεργάτες του ἐκπόνησε πρόγραμμα γιά τήν ἀνάκαμψη τῆς οἰκονομίας καί τήν ἐνίσχυση τοῦ μάρκου.

Ὅσον ἀφορᾷ τήν ἐξωτερική πολιτική, ὁ Σμίτ ὑποστηρίζει τήν ἑνότητα τῆς Εὐρωπαϊκῆς Κοινότητος καί τήν στενή συνεργασία μέ τίς Ἡνωμένες Πολιτεῖες. Ἡ στάση του ἔναντι τῶν Ἀράβων καί τοῦ πετρελαίου ἦταν ρεαλιστική.

Ὁ Σμίτ θά κριθῇ ἀπό τά ἀποτελέσματα. Ὁ λαός τῆς Δυτικῆς Γερμανίας περιμένει λύσεις καί ὄχι ὑποσχέσεις. Μέχρι στιγμῆς φαίνεται ὅτι ὁ νέος καγκελάριος ἐμπνέει ἐμπιστοσύνη.

Α. ΝΙΚΗΤΑΚΗΣ
ΥΠΟΒΟΛΗ ΑΙΤΗΣΕΩΝ ΠΡΟΣ ΠΛΗΡΩΣΙΝ ΘΕΣΕΩΝ ΕΙΣ ΤΗΝ ΣΧΟΛΗΝ ΤΟΥΡΙΣΤΙΚΩΝ ΕΠΑΓΓΕΛΜΑΤΩΝ

Ὑποβάλλονται αἰτήσεις ὑποψηφίων διά τήν πλήρωσιν θέσεων σπουδαστῶν εἰς τάς Ἀνωτέρας Σχολάς Τουριστικῶν Ἐπαγγελμάτων. Αἱ αἰτήσεις μετά τῶν δικαιολογητικῶν ὑποβάλλονται εἰς τήν γραμματείαν τῆς σχολῆς μέχρι τῆς 15ης Ὀκτωβρίου. Α) Ἀπόλυτος τίτλος γυμνασίου. Β) Πιστοποιητικόν γεννήσεως. Γ) Πιστοποιητικόν ὑγείας. Δ) Πέντε φωτογραφίαι. Ἐκ τῆς Σχολῆς Τουριστικῶν Ἐπαγγελμάτων.

ΔΕΗ ΔΙΑΚΟΠΗ ΗΛΕΚΤΡΙΚΟΥ ΡΕΥΜΑΤΟΣ
ΕΙΣ ΤΟΝ ΝΟΜΟΝ ΠΙΕΡΙΑΣ

Φέρεται εἰς γνῶσιν τοῦ ἐνδιαφερομένου κοινοῦ ὅτι τήν Κυριακήν, 27 Ὀκτωβρίου, θά διακοπῇ ἡ παροχή τοῦ ἠλεκτρικοῦ ρεύματος ὡς ἀκολούθως: 1) Ἀπό ὥρας 06.00—10.00, εἰς τάς ὁδούς Ἀλεξάνδρου, Ἀνδρέα Παπανδρέου, Ἀγίας Σοφίας, Ἀπ. Παύλου, Ἁγίου Δημητρίου, Ἀγλαΐας καί πέριξ. 2) Ἀπό ὥρας 10.00—16.00, εἰς τό χωριό Βροντοῦ, Λόφος, Μίλοι καί πέριξ αὐτῶν. Ἡ ἐπαναφορά τοῦ ρεύματος εἶναι δυνατόν νά γίνῃ καί ἐνωρίτερον.

Ἐκ τῆς Δ.Ε.Η.
Η ΑΘΗΝΑΪΚΗ ΧΑΡΤΟΠΟΙΙΑ Α.Ε.
ΖΗΤΕΙ

Πρός μόνιμον ἀπασχόλησιν εἰς τό ἐν Δράμα ἐργοστάσιον της: 1) ΠΟΛΙΤΙΚΟΝ ΜΗΧΑΝΙΚΟΝ μέ πενταετῆ τουλάχιστον πεῖραν. 2) ΜΗΧΑΝΟΛΟΓΟΝ ΗΛΕΚΤΡΟΛΟΓΟΝ, γνώστην τῆς ἀγγλικῆς γλώσσης. Ἀποστείλατε λεπτομερές βιογραφικόν ὑπόμνημα εἰς: ΤΑΧΥΔΡΟΜΙΚΗ ΘΥΡΙΣ 307, ΑΘΗΝΑΙ
